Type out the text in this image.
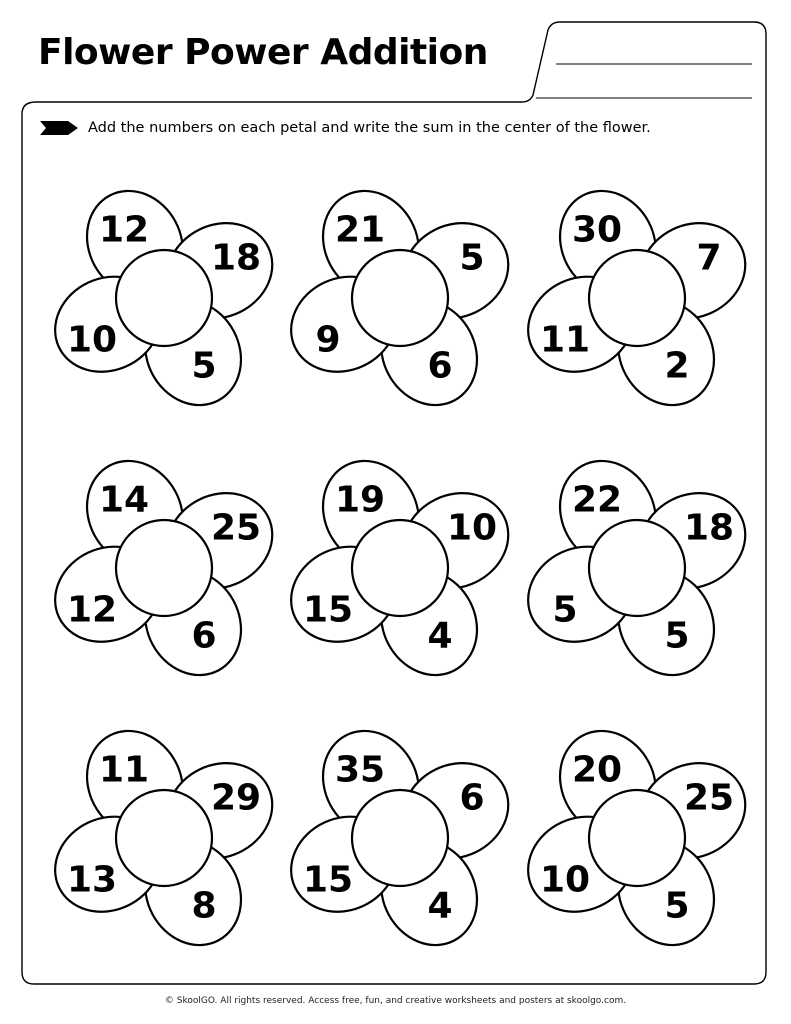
Flower Power Addition
Add the numbers on each petal and write the sum in the center of the flower.
12
18
10
5
21
5
9
6
30
7
11
2
14
25
12
6
19
10
15
4
22
18
5
5
11
29
13
8
35
6
15
4
20
25
10
5
© SkoolGO. All rights reserved. Access free, fun, and creative worksheets and posters at skoolgo.com.
